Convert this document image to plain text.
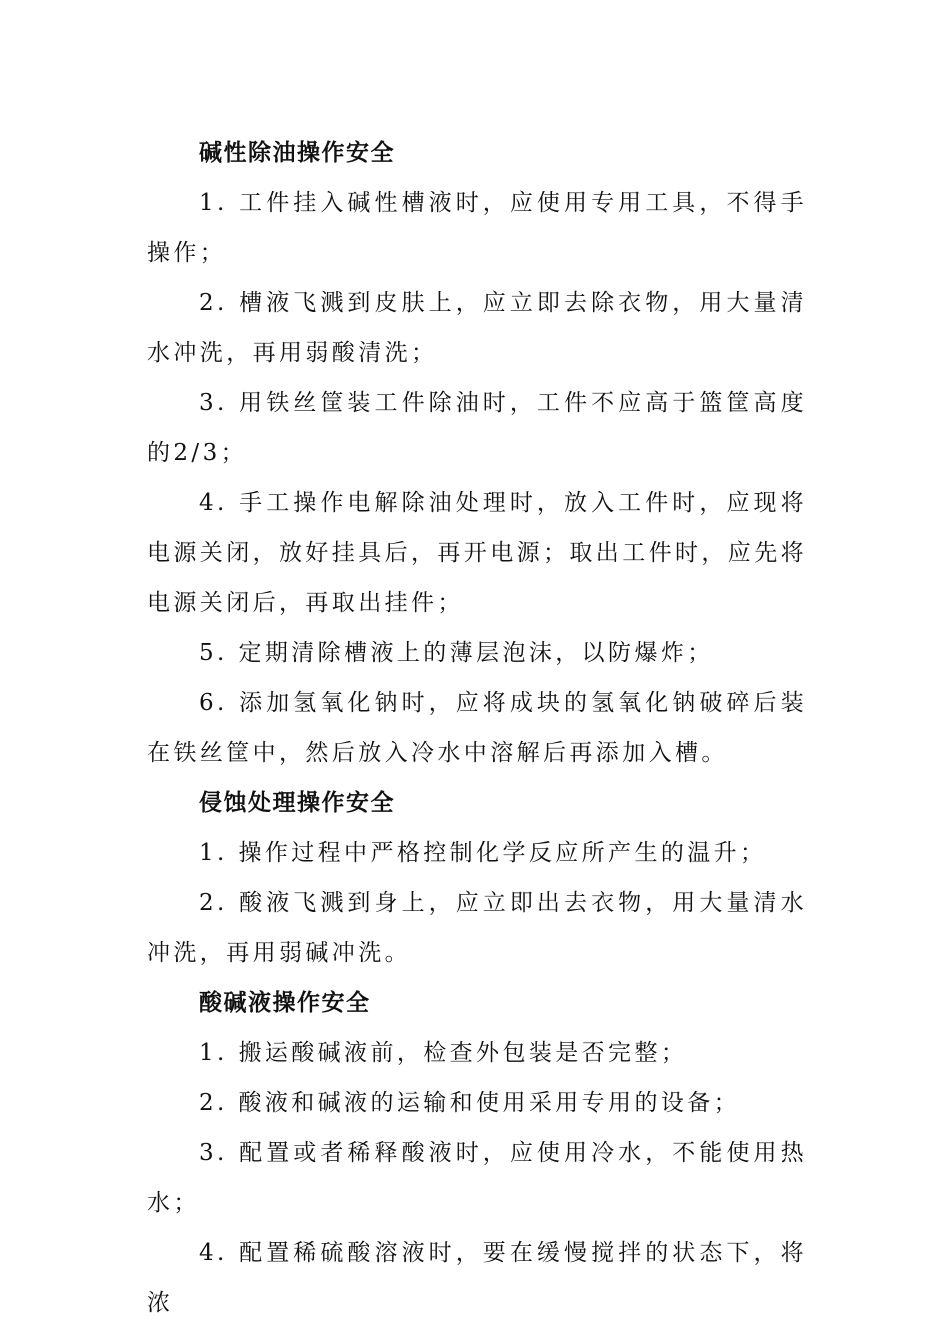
碱性除油操作安全

1. 工件挂入碱性槽液时，应使用专用工具，不得手操作；

2. 槽液飞溅到皮肤上，应立即去除衣物，用大量清水冲洗，再用弱酸清洗；

3. 用铁丝筐装工件除油时，工件不应高于篮筐高度的2/3；

4. 手工操作电解除油处理时，放入工件时，应现将电源关闭，放好挂具后，再开电源；取出工件时，应先将电源关闭后，再取出挂件；

5. 定期清除槽液上的薄层泡沫，以防爆炸；

6. 添加氢氧化钠时，应将成块的氢氧化钠破碎后装在铁丝筐中，然后放入冷水中溶解后再添加入槽。

侵蚀处理操作安全

1. 操作过程中严格控制化学反应所产生的温升；

2. 酸液飞溅到身上，应立即出去衣物，用大量清水冲洗，再用弱碱冲洗。

酸碱液操作安全

1. 搬运酸碱液前，检查外包装是否完整；

2. 酸液和碱液的运输和使用采用专用的设备；

3. 配置或者稀释酸液时，应使用冷水，不能使用热水；

4. 配置稀硫酸溶液时，要在缓慢搅拌的状态下，将浓
